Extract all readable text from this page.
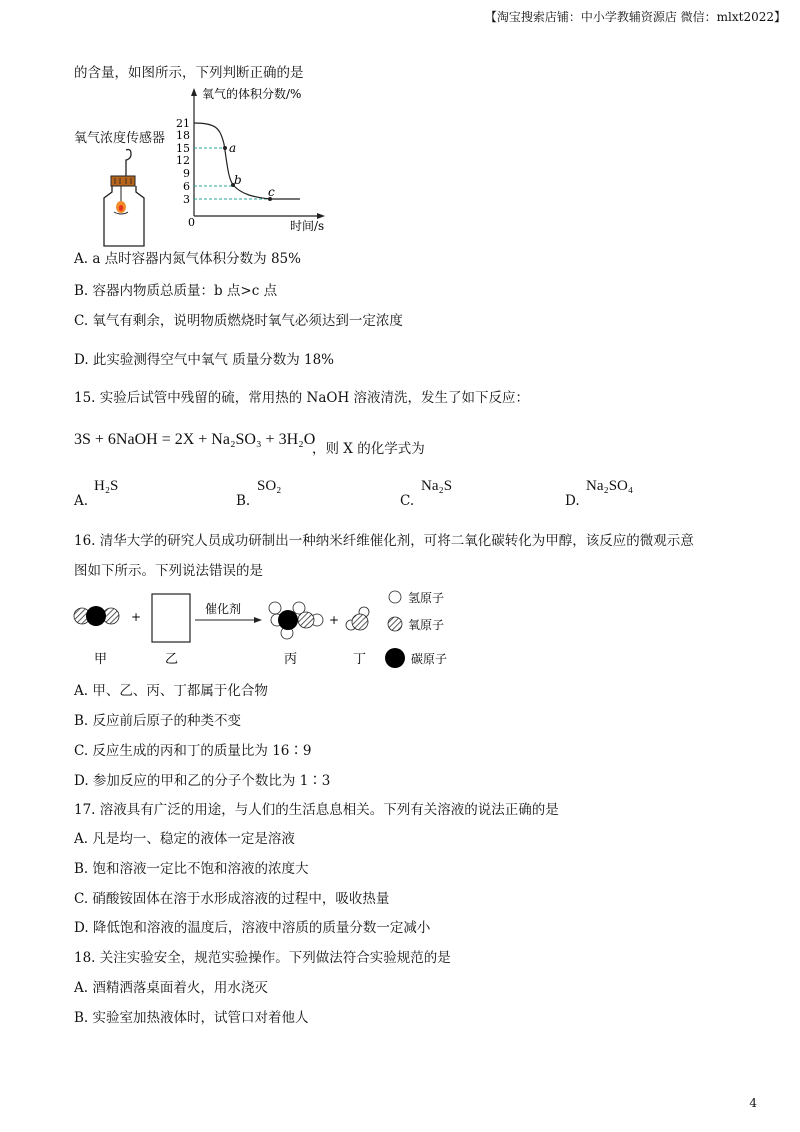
【淘宝搜索店铺：中小学教辅资源店 微信：mlxt2022】
的含量，如图所示，下列判断正确的是
氧气浓度传感器
氧气的体积分数/%
时间/s
0
21
18
15
12
9
6
3
a
b
c
A. a 点时容器内氮气体积分数为 85%
B. 容器内物质总质量：b 点>c 点
C. 氧气有剩余，说明物质燃烧时氧气必须达到一定浓度
D. 此实验测得空气中氧气 质量分数为 18%
15. 实验后试管中残留的硫，常用热的 NaOH 溶液清洗，发生了如下反应：
3S + 6NaOH = 2X + Na₂SO₃ + 3H₂O
，则 X 的化学式为
A.
H₂S
B.
SO₂
C.
Na₂S
D.
Na₂SO₄
16. 清华大学的研究人员成功研制出一种纳米纤维催化剂，可将二氧化碳转化为甲醇，该反应的微观示意
图如下所示。下列说法错误的是
+
催化剂
+
氢原子
氧原子
碳原子
甲	乙	丙	丁
A. 甲、乙、丙、丁都属于化合物
B. 反应前后原子的种类不变
C. 反应生成的丙和丁的质量比为 16∶9
D. 参加反应的甲和乙的分子个数比为 1∶3
17. 溶液具有广泛的用途，与人们的生活息息相关。下列有关溶液的说法正确的是
A. 凡是均一、稳定的液体一定是溶液
B. 饱和溶液一定比不饱和溶液的浓度大
C. 硝酸铵固体在溶于水形成溶液的过程中，吸收热量
D. 降低饱和溶液的温度后，溶液中溶质的质量分数一定减小
18. 关注实验安全，规范实验操作。下列做法符合实验规范的是
A. 酒精洒落桌面着火，用水浇灭
B. 实验室加热液体时，试管口对着他人
4
